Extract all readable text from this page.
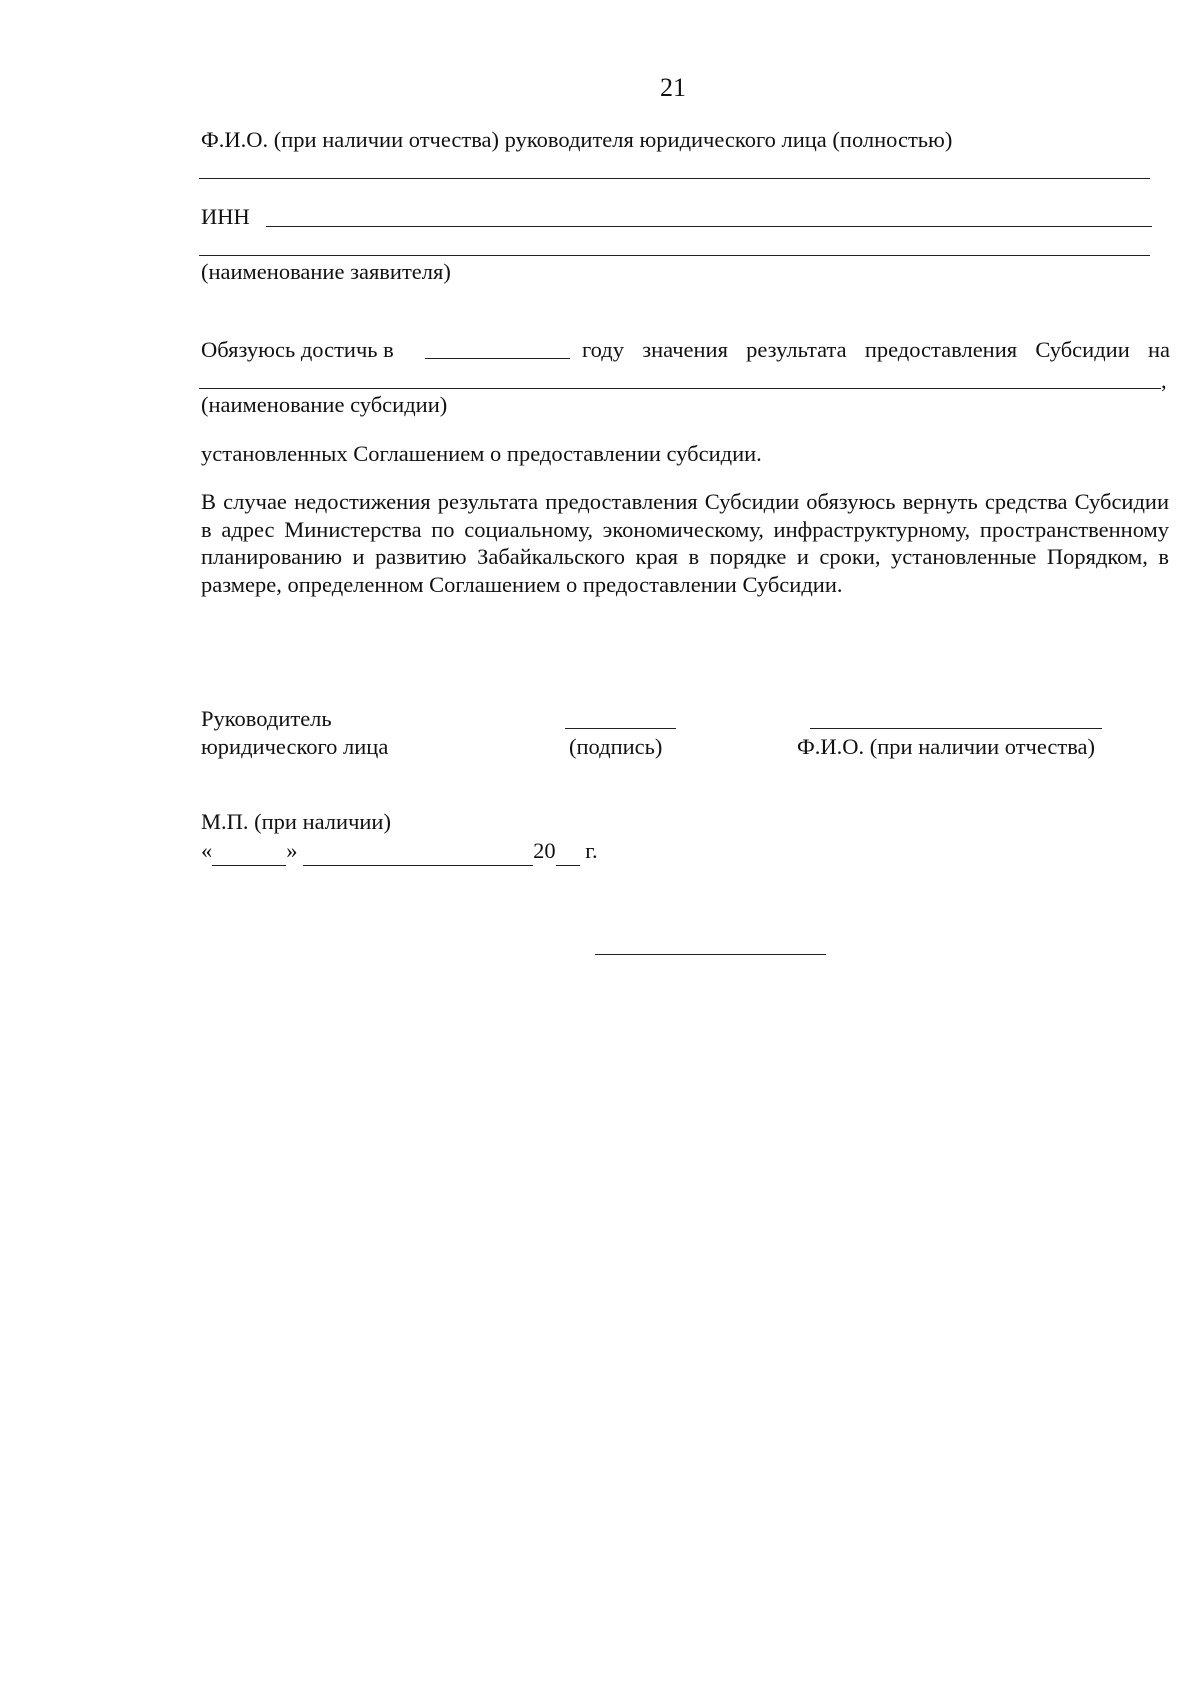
21
Ф.И.О. (при наличии отчества) руководителя юридического лица (полностью)
ИНН
(наименование заявителя)
Обязуюсь достичь в	году значения результата предоставления Субсидии на
,
(наименование субсидии)
установленных Соглашением о предоставлении субсидии.
В случае недостижения результата предоставления Субсидии обязуюсь вернуть средства Субсидии в адрес Министерства по социальному, экономическому, инфраструктурному, пространственному планированию и развитию Забайкальского края в порядке и сроки, установленные Порядком, в размере, определенном Соглашением о предоставлении Субсидии.
Руководитель
юридического лица	(подпись)	Ф.И.О. (при наличии отчества)
М.П. (при наличии)
«	»	20 г.
